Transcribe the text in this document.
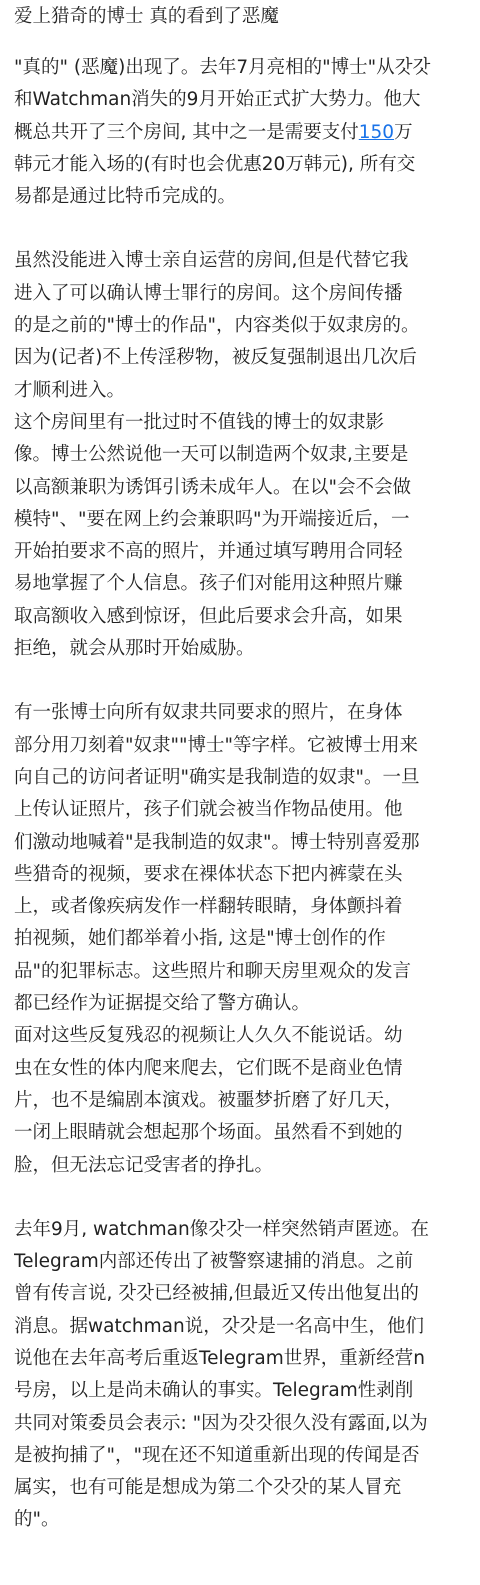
爱上猎奇的博士 真的看到了恶魔
"真的" (恶魔)出现了。去年7月亮相的"博士"从갓갓
和Watchman消失的9月开始正式扩大势力。他大
概总共开了三个房间, 其中之一是需要支付150万
韩元才能入场的(有时也会优惠20万韩元), 所有交
易都是通过比特币完成的。
虽然没能进入博士亲自运营的房间,但是代替它我
进入了可以确认博士罪行的房间。这个房间传播
的是之前的"博士的作品"，内容类似于奴隶房的。
因为(记者)不上传淫秽物，被反复强制退出几次后
才顺利进入。
这个房间里有一批过时不值钱的博士的奴隶影
像。博士公然说他一天可以制造两个奴隶,主要是
以高额兼职为诱饵引诱未成年人。在以"会不会做
模特"、"要在网上约会兼职吗"为开端接近后，一
开始拍要求不高的照片，并通过填写聘用合同轻
易地掌握了个人信息。孩子们对能用这种照片赚
取高额收入感到惊讶，但此后要求会升高，如果
拒绝，就会从那时开始威胁。
有一张博士向所有奴隶共同要求的照片，在身体
部分用刀刻着"奴隶""博士"等字样。它被博士用来
向自己的访问者证明"确实是我制造的奴隶"。一旦
上传认证照片，孩子们就会被当作物品使用。他
们激动地喊着"是我制造的奴隶"。博士特别喜爱那
些猎奇的视频，要求在裸体状态下把内裤蒙在头
上，或者像疾病发作一样翻转眼睛，身体颤抖着
拍视频，她们都举着小指, 这是"博士创作的作
品"的犯罪标志。这些照片和聊天房里观众的发言
都已经作为证据提交给了警方确认。
面对这些反复残忍的视频让人久久不能说话。幼
虫在女性的体内爬来爬去，它们既不是商业色情
片，也不是编剧本演戏。被噩梦折磨了好几天，
一闭上眼睛就会想起那个场面。虽然看不到她的
脸，但无法忘记受害者的挣扎。
去年9月, watchman像갓갓一样突然销声匿迹。在
Telegram内部还传出了被警察逮捕的消息。之前
曾有传言说, 갓갓已经被捕,但最近又传出他复出的
消息。据watchman说，갓갓是一名高中生，他们
说他在去年高考后重返Telegram世界，重新经营n
号房，以上是尚未确认的事实。Telegram性剥削
共同对策委员会表示: "因为갓갓很久没有露面,以为
是被拘捕了"，"现在还不知道重新出现的传闻是否
属实，也有可能是想成为第二个갓갓的某人冒充
的"。
